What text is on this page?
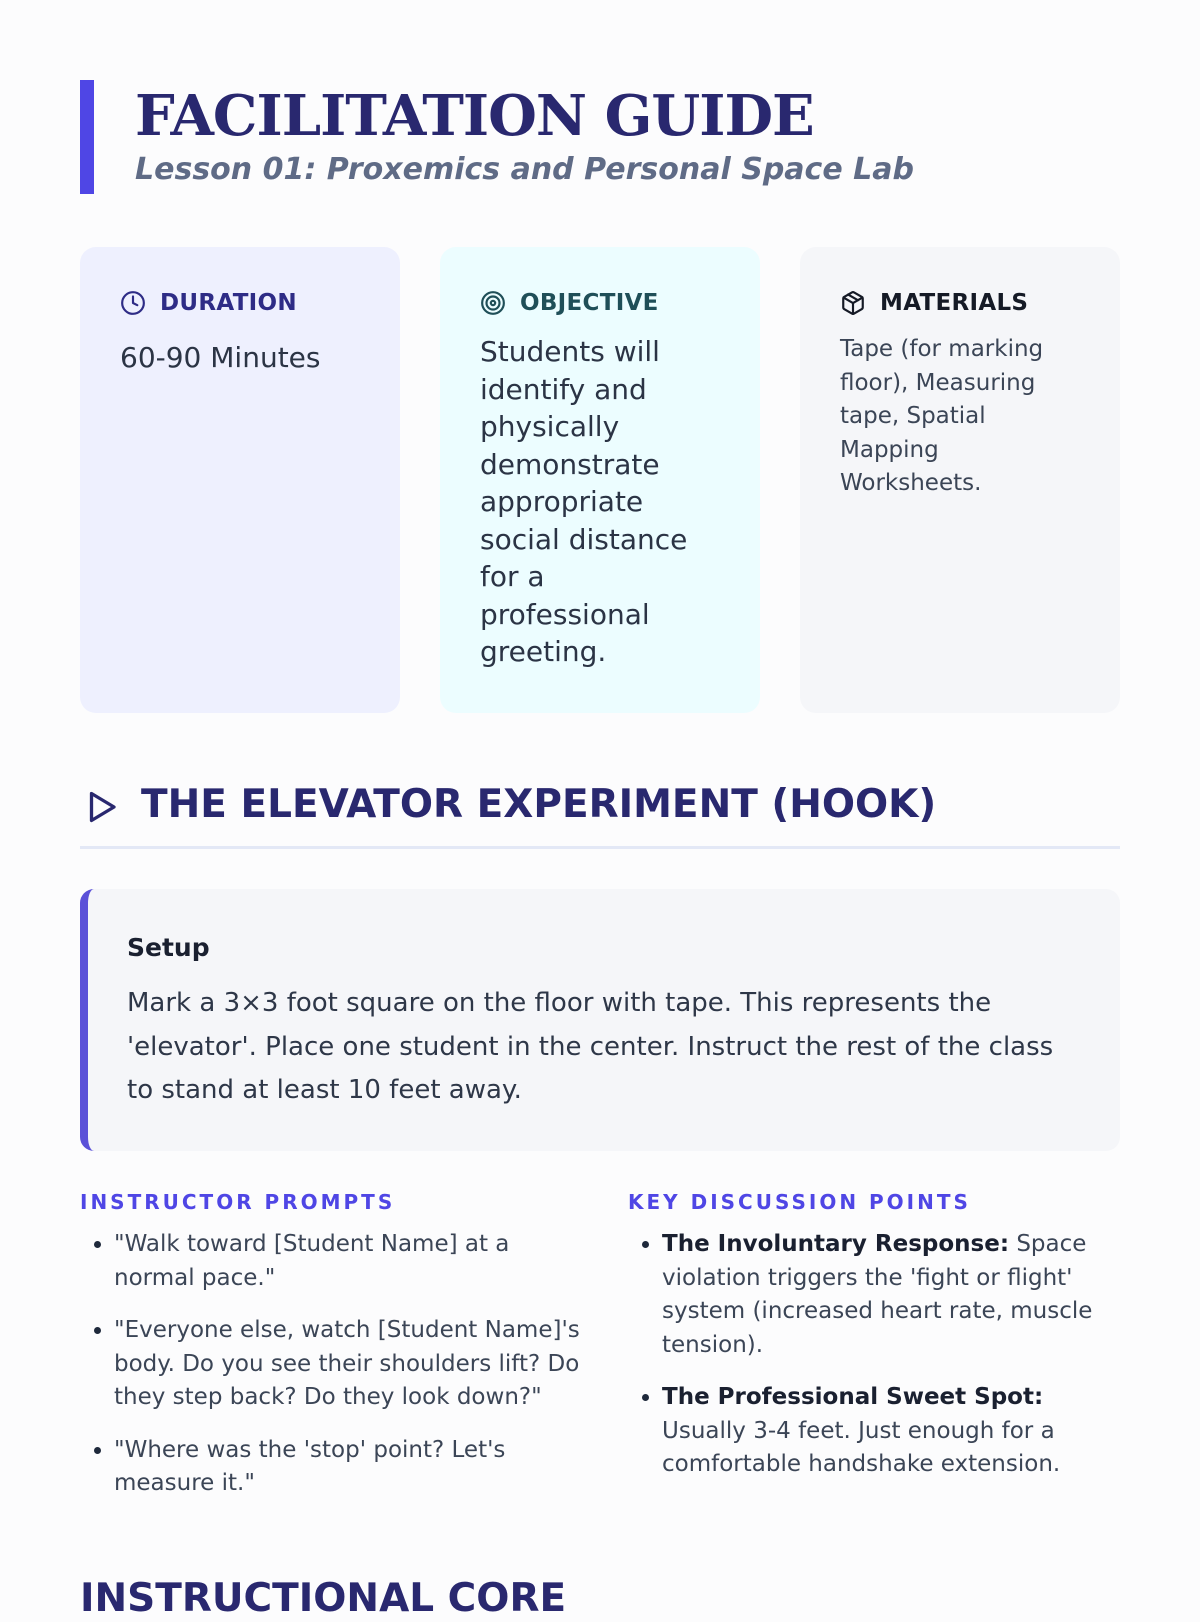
FACILITATION GUIDE
Lesson 01: Proxemics and Personal Space Lab
DURATION
60-90 Minutes
OBJECTIVE
Students will identify and physically demonstrate appropriate social distance for a professional greeting.
MATERIALS
Tape (for marking floor), Measuring tape, Spatial Mapping Worksheets.
THE ELEVATOR EXPERIMENT (HOOK)
Setup

Mark a 3×3 foot square on the floor with tape. This represents the 'elevator'. Place one student in the center. Instruct the rest of the class to stand at least 10 feet away.

INSTRUCTOR PROMPTS
• "Walk toward [Student Name] at a normal pace."
• "Everyone else, watch [Student Name]'s body. Do you see their shoulders lift? Do they step back? Do they look down?"
• "Where was the 'stop' point? Let's measure it."
KEY DISCUSSION POINTS
• The Involuntary Response: Space violation triggers the 'fight or flight' system (increased heart rate, muscle tension).
• The Professional Sweet Spot: Usually 3-4 feet. Just enough for a comfortable handshake extension.
INSTRUCTIONAL CORE
